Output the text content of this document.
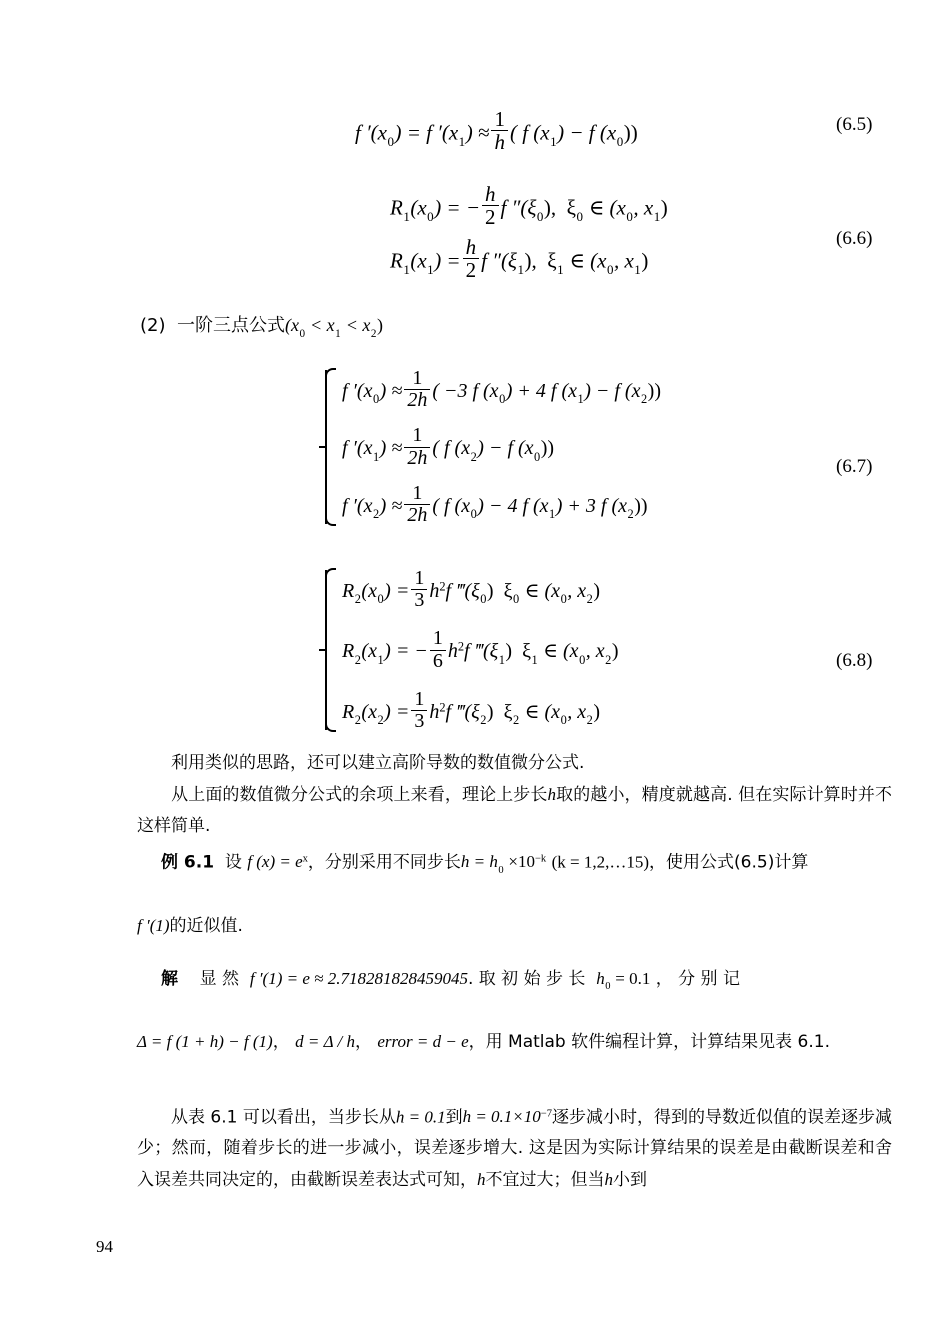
f $'(x_0) = f$ $'(x_1) \approx \frac{1}{h}$ ( f $(x_1) - f$ $(x_0)$)	(6.5)
$R_1(x_0)$ = − $\frac{h}{2}$ f $''(\xi_0)$, $\xi_0$ ∈ ($x_0$, $x_1$)
$R_1(x_1) = \frac{h}{2}$ f $''(\xi_1)$, $\xi_1$ ∈ ($x_0$, $x_1$)
(6.6)
(2) 一阶三点公式$(x_0 < x_1 < x_2)$
f $'(x_0) \approx \frac{1}{2h}$ ( −3 f $(x_0) + 4$ f $(x_1) - f$ $(x_2)$)
f $'(x_1) \approx \frac{1}{2h}$ ( f $(x_2) - f$ $(x_0)$)
f $'(x_2) \approx \frac{1}{2h}$ ( f $(x_0) - 4$ f $(x_1) + 3$ f $(x_2)$)
(6.7)
$R_2(x_0) = \frac{1}{3} h^2f$ $‴(\xi_0)$ $\xi_0$ ∈ ($x_0$, $x_2$)
$R_2(x_1)$ = − $\frac{1}{6} h^2f$ $‴(\xi_1)$ $\xi_1$ ∈ ($x_0$, $x_2$)
$R_2(x_2) = \frac{1}{3} h^2f$ $‴(\xi_2)$ $\xi_2$ ∈ ($x_0$, $x_2$)
(6.8)
利用类似的思路，还可以建立高阶导数的数值微分公式.
从上面的数值微分公式的余项上来看，理论上步长h取的越小，精度就越高. 但在实际计算时并不这样简单.
例 6.1 设 f $(x) = e^x$，分别采用不同步长$h = h_0 \times 10^{-k}$ (k = 1,2,…15)，使用公式(6.5)计算
f ′(1)的近似值.
解 显 然 f ′(1) = e ≈ 2.718281828459045. 取 初 始 步 长 $h_0 = 0.1$ ， 分 别 记
Δ = f (1 + h) − f (1)， d = Δ / h， error = d − e，用 Matlab 软件编程计算，计算结果见表 6.1.
从表 6.1 可以看出，当步长从h = 0.1到$h = 0.1\times 10^{-7}$逐步减小时，得到的导数近似值的误差逐步减少；然而，随着步长的进一步减小，误差逐步增大. 这是因为实际计算结果的误差是由截断误差和舍入误差共同决定的，由截断误差表达式可知，h不宜过大；但当h小到
94
